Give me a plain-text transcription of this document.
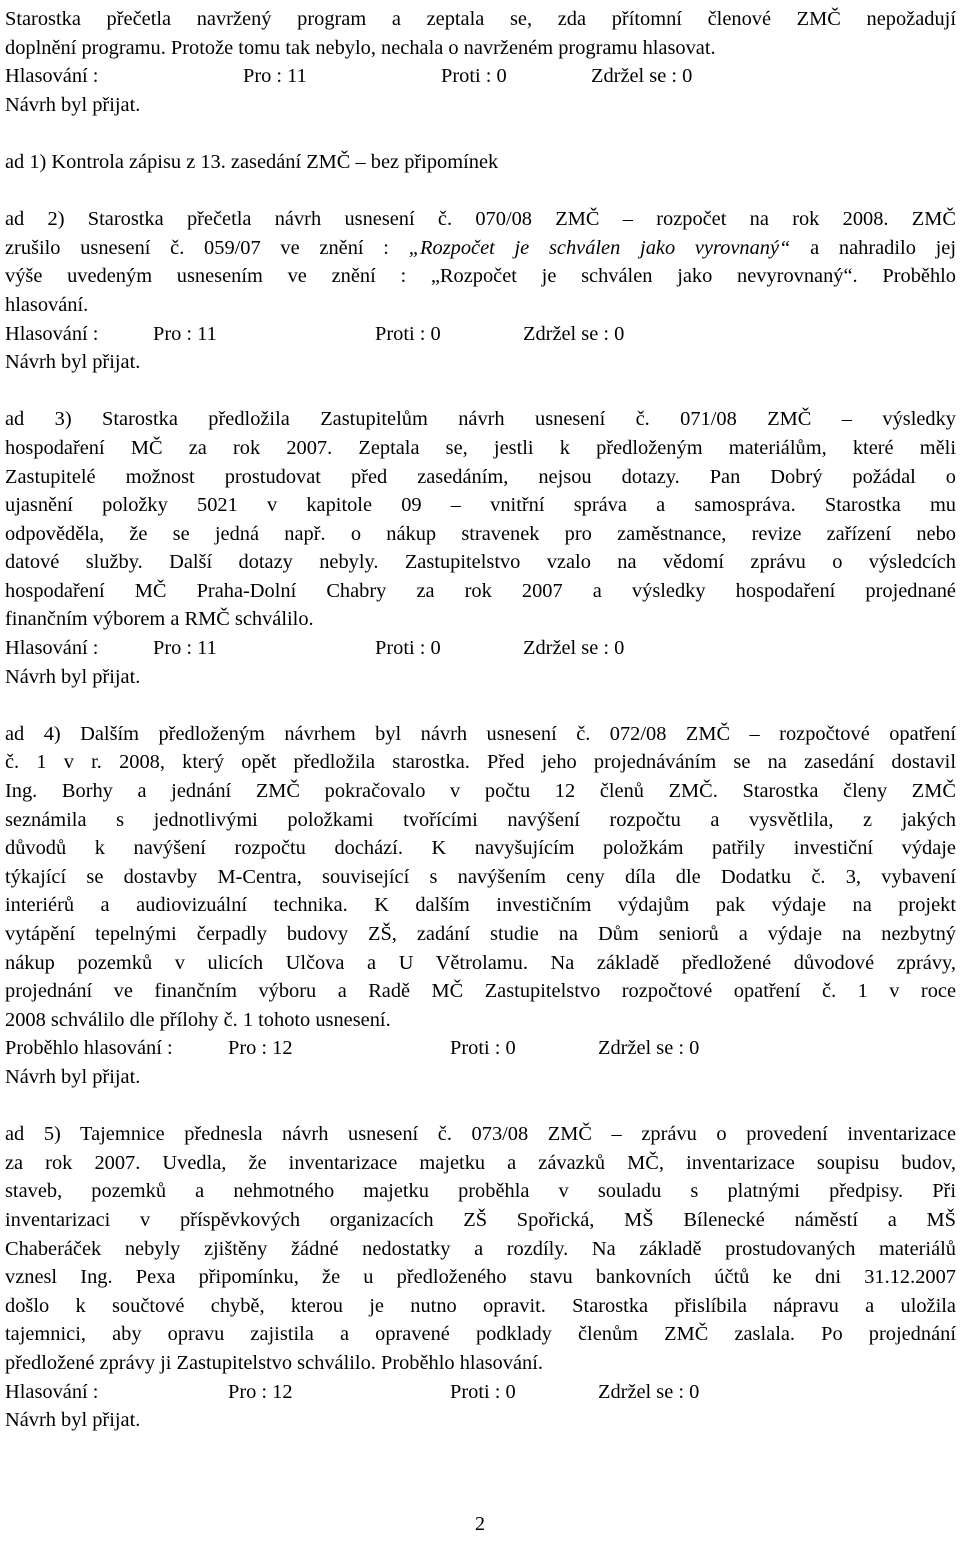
Starostka přečetla navržený program a zeptala se, zda přítomní členové ZMČ nepožadují
doplnění programu. Protože tomu tak nebylo, nechala o navrženém programu hlasovat.
Hlasování :	Pro : 11	Proti : 0	Zdržel se : 0
Návrh byl přijat.
ad 1) Kontrola zápisu z 13. zasedání ZMČ – bez připomínek
ad 2) Starostka přečetla návrh usnesení č. 070/08 ZMČ – rozpočet na rok 2008. ZMČ
zrušilo usnesení č. 059/07 ve znění : „Rozpočet je schválen jako vyrovnaný“ a nahradilo jej
výše uvedeným usnesením ve znění : „Rozpočet je schválen jako nevyrovnaný“. Proběhlo
hlasování.
Hlasování :	Pro : 11	Proti : 0	Zdržel se : 0
Návrh byl přijat.
ad 3) Starostka předložila Zastupitelům návrh usnesení č. 071/08 ZMČ – výsledky
hospodaření MČ za rok 2007. Zeptala se, jestli k předloženým materiálům, které měli
Zastupitelé možnost prostudovat před zasedáním, nejsou dotazy. Pan Dobrý požádal o
ujasnění položky 5021 v kapitole 09 – vnitřní správa a samospráva. Starostka mu
odpověděla, že se jedná např. o nákup stravenek pro zaměstnance, revize zařízení nebo
datové služby. Další dotazy nebyly. Zastupitelstvo vzalo na vědomí zprávu o výsledcích
hospodaření MČ Praha-Dolní Chabry za rok 2007 a výsledky hospodaření projednané
finančním výborem a RMČ schválilo.
Hlasování :	Pro : 11	Proti : 0	Zdržel se : 0
Návrh byl přijat.
ad 4) Dalším předloženým návrhem byl návrh usnesení č. 072/08 ZMČ – rozpočtové opatření
č. 1 v r. 2008, který opět předložila starostka. Před jeho projednáváním se na zasedání dostavil
Ing. Borhy a jednání ZMČ pokračovalo v počtu 12 členů ZMČ. Starostka členy ZMČ
seznámila s jednotlivými položkami tvořícími navýšení rozpočtu a vysvětlila, z jakých
důvodů k navýšení rozpočtu dochází. K navyšujícím položkám patřily investiční výdaje
týkající se dostavby M-Centra, související s navýšením ceny díla dle Dodatku č. 3, vybavení
interiérů a audiovizuální technika. K dalším investičním výdajům pak výdaje na projekt
vytápění tepelnými čerpadly budovy ZŠ, zadání studie na Dům seniorů a výdaje na nezbytný
nákup pozemků v ulicích Ulčova a U Větrolamu. Na základě předložené důvodové zprávy,
projednání ve finančním výboru a Radě MČ Zastupitelstvo rozpočtové opatření č. 1 v roce
2008 schválilo dle přílohy č. 1 tohoto usnesení.
Proběhlo hlasování :	Pro : 12	Proti : 0	Zdržel se : 0
Návrh byl přijat.
ad 5) Tajemnice přednesla návrh usnesení č. 073/08 ZMČ – zprávu o provedení inventarizace
za rok 2007. Uvedla, že inventarizace majetku a závazků MČ, inventarizace soupisu budov,
staveb, pozemků a nehmotného majetku proběhla v souladu s platnými předpisy. Při
inventarizaci v příspěvkových organizacích ZŠ Spořická, MŠ Bílenecké náměstí a MŠ
Chaberáček nebyly zjištěny žádné nedostatky a rozdíly. Na základě prostudovaných materiálů
vznesl Ing. Pexa připomínku, že u předloženého stavu bankovních účtů ke dni 31.12.2007
došlo k součtové chybě, kterou je nutno opravit. Starostka přislíbila nápravu a uložila
tajemnici, aby opravu zajistila a opravené podklady členům ZMČ zaslala. Po projednání
předložené zprávy ji Zastupitelstvo schválilo. Proběhlo hlasování.
Hlasování :	Pro : 12	Proti : 0	Zdržel se : 0
Návrh byl přijat.
2
